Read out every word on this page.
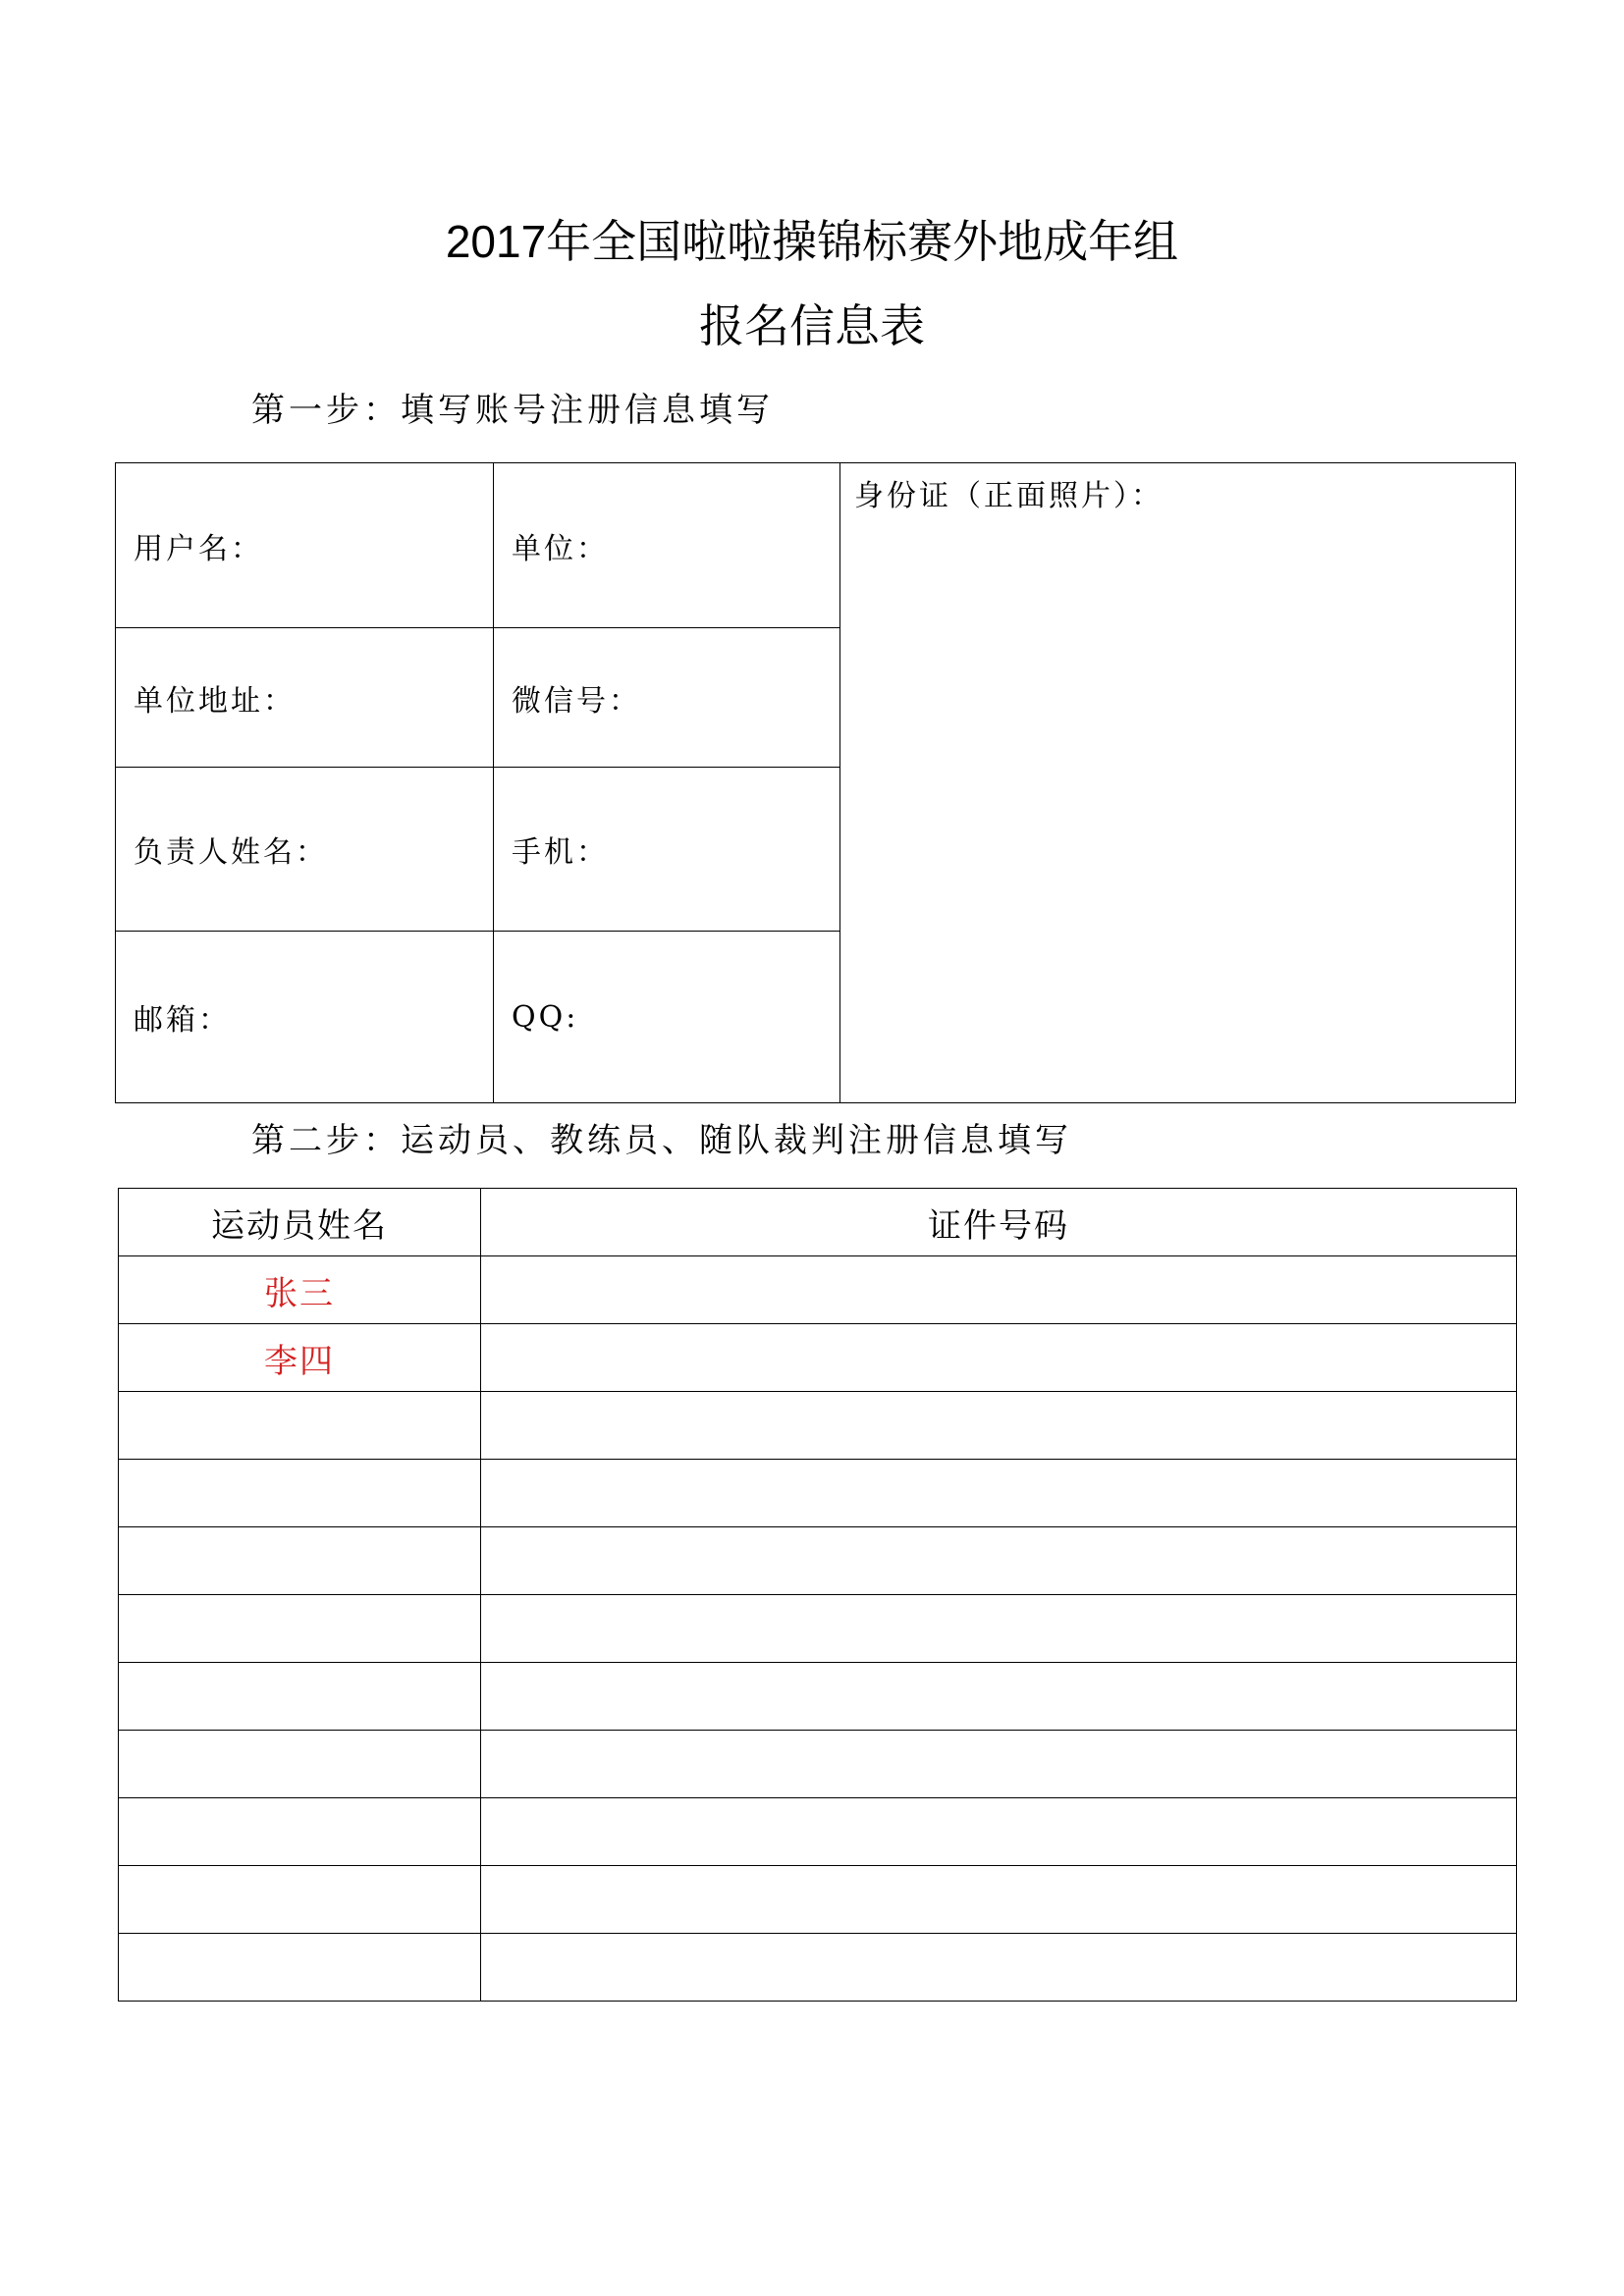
2017年全国啦啦操锦标赛外地成年组
报名信息表

第一步：填写账号注册信息填写

用户名：	单位：	身份证（正面照片）：
单位地址：	微信号：	
负责人姓名：	手机：	
邮箱：	QQ:	

第二步：运动员、教练员、随队裁判注册信息填写

运动员姓名	证件号码
张三	
李四	
